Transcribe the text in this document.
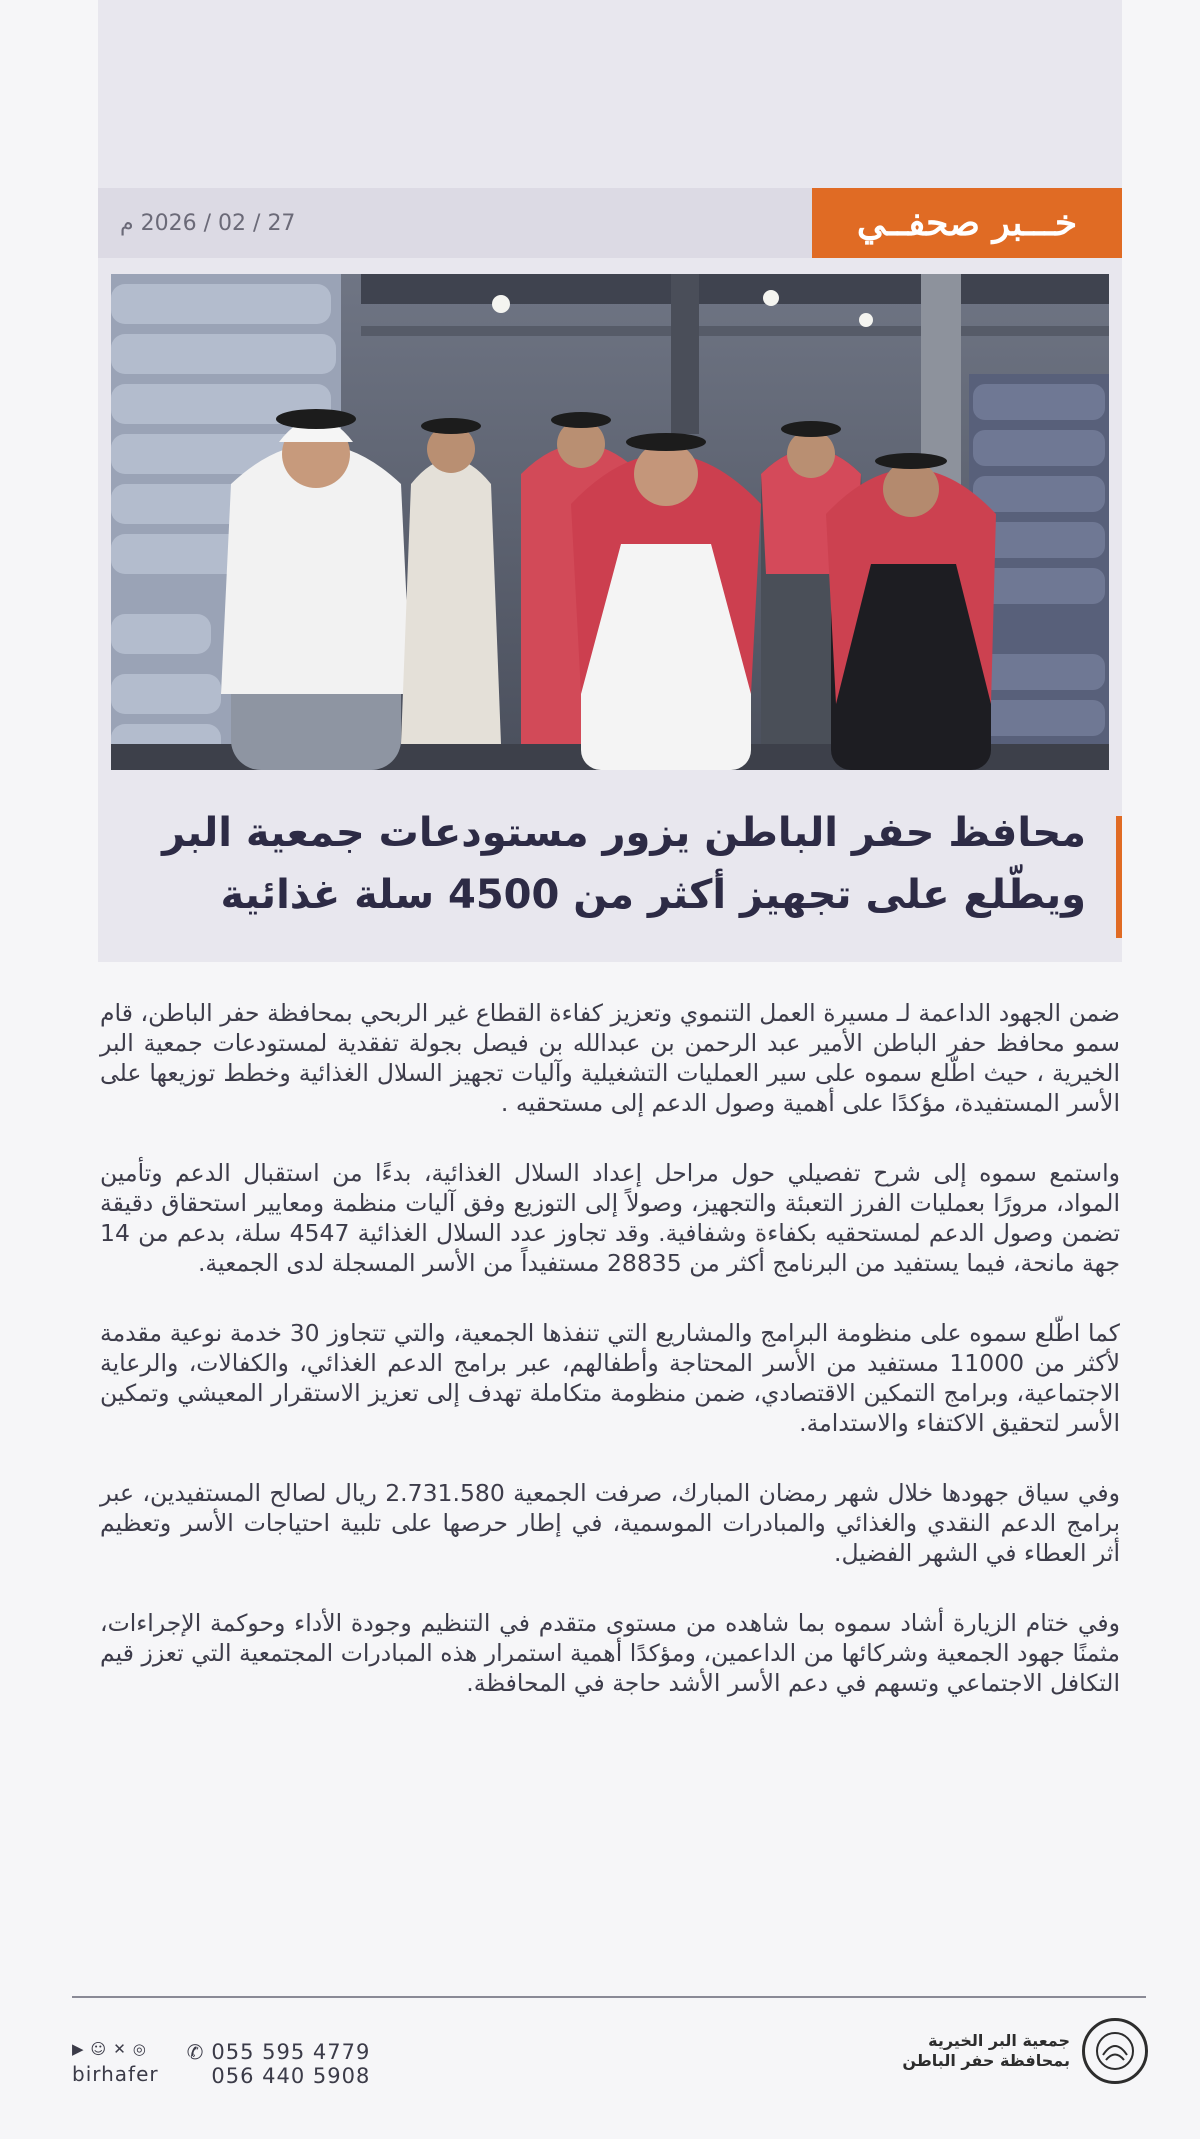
خـــبر صحفــي
27 / 02 / 2026 م
محافظ حفر الباطن يزور مستودعات جمعية البر
ويطّلع على تجهيز أكثر من 4500 سلة غذائية

ضمن الجهود الداعمة لـ مسيرة العمل التنموي وتعزيز كفاءة القطاع غير الربحي بمحافظة حفر الباطن، قام سمو محافظ حفر الباطن الأمير عبد الرحمن بن عبدالله بن فيصل بجولة تفقدية لمستودعات جمعية البر الخيرية ، حيث اطّلع سموه على سير العمليات التشغيلية وآليات تجهيز السلال الغذائية وخطط توزيعها على الأسر المستفيدة، مؤكدًا على أهمية وصول الدعم إلى مستحقيه .

واستمع سموه إلى شرح تفصيلي حول مراحل إعداد السلال الغذائية، بدءًا من استقبال الدعم وتأمين المواد، مرورًا بعمليات الفرز التعبئة والتجهيز، وصولاً إلى التوزيع وفق آليات منظمة ومعايير استحقاق دقيقة تضمن وصول الدعم لمستحقيه بكفاءة وشفافية. وقد تجاوز عدد السلال الغذائية 4547 سلة، بدعم من 14 جهة مانحة، فيما يستفيد من البرنامج أكثر من 28835 مستفيداً من الأسر المسجلة لدى الجمعية.

كما اطّلع سموه على منظومة البرامج والمشاريع التي تنفذها الجمعية، والتي تتجاوز 30 خدمة نوعية مقدمة لأكثر من 11000 مستفيد من الأسر المحتاجة وأطفالهم، عبر برامج الدعم الغذائي، والكفالات، والرعاية الاجتماعية، وبرامج التمكين الاقتصادي، ضمن منظومة متكاملة تهدف إلى تعزيز الاستقرار المعيشي وتمكين الأسر لتحقيق الاكتفاء والاستدامة.

وفي سياق جهودها خلال شهر رمضان المبارك، صرفت الجمعية 2.731.580 ريال لصالح المستفيدين، عبر برامج الدعم النقدي والغذائي والمبادرات الموسمية، في إطار حرصها على تلبية احتياجات الأسر وتعظيم أثر العطاء في الشهر الفضيل.

وفي ختام الزيارة أشاد سموه بما شاهده من مستوى متقدم في التنظيم وجودة الأداء وحوكمة الإجراءات، مثمنًا جهود الجمعية وشركائها من الداعمين، ومؤكدًا أهمية استمرار هذه المبادرات المجتمعية التي تعزز قيم التكافل الاجتماعي وتسهم في دعم الأسر الأشد حاجة في المحافظة.

▶ ☺ ✕ ◎
birhafer
✆ 055 595 4779
056 440 5908
جمعية البر الخيرية
بمحافظة حفر الباطن
